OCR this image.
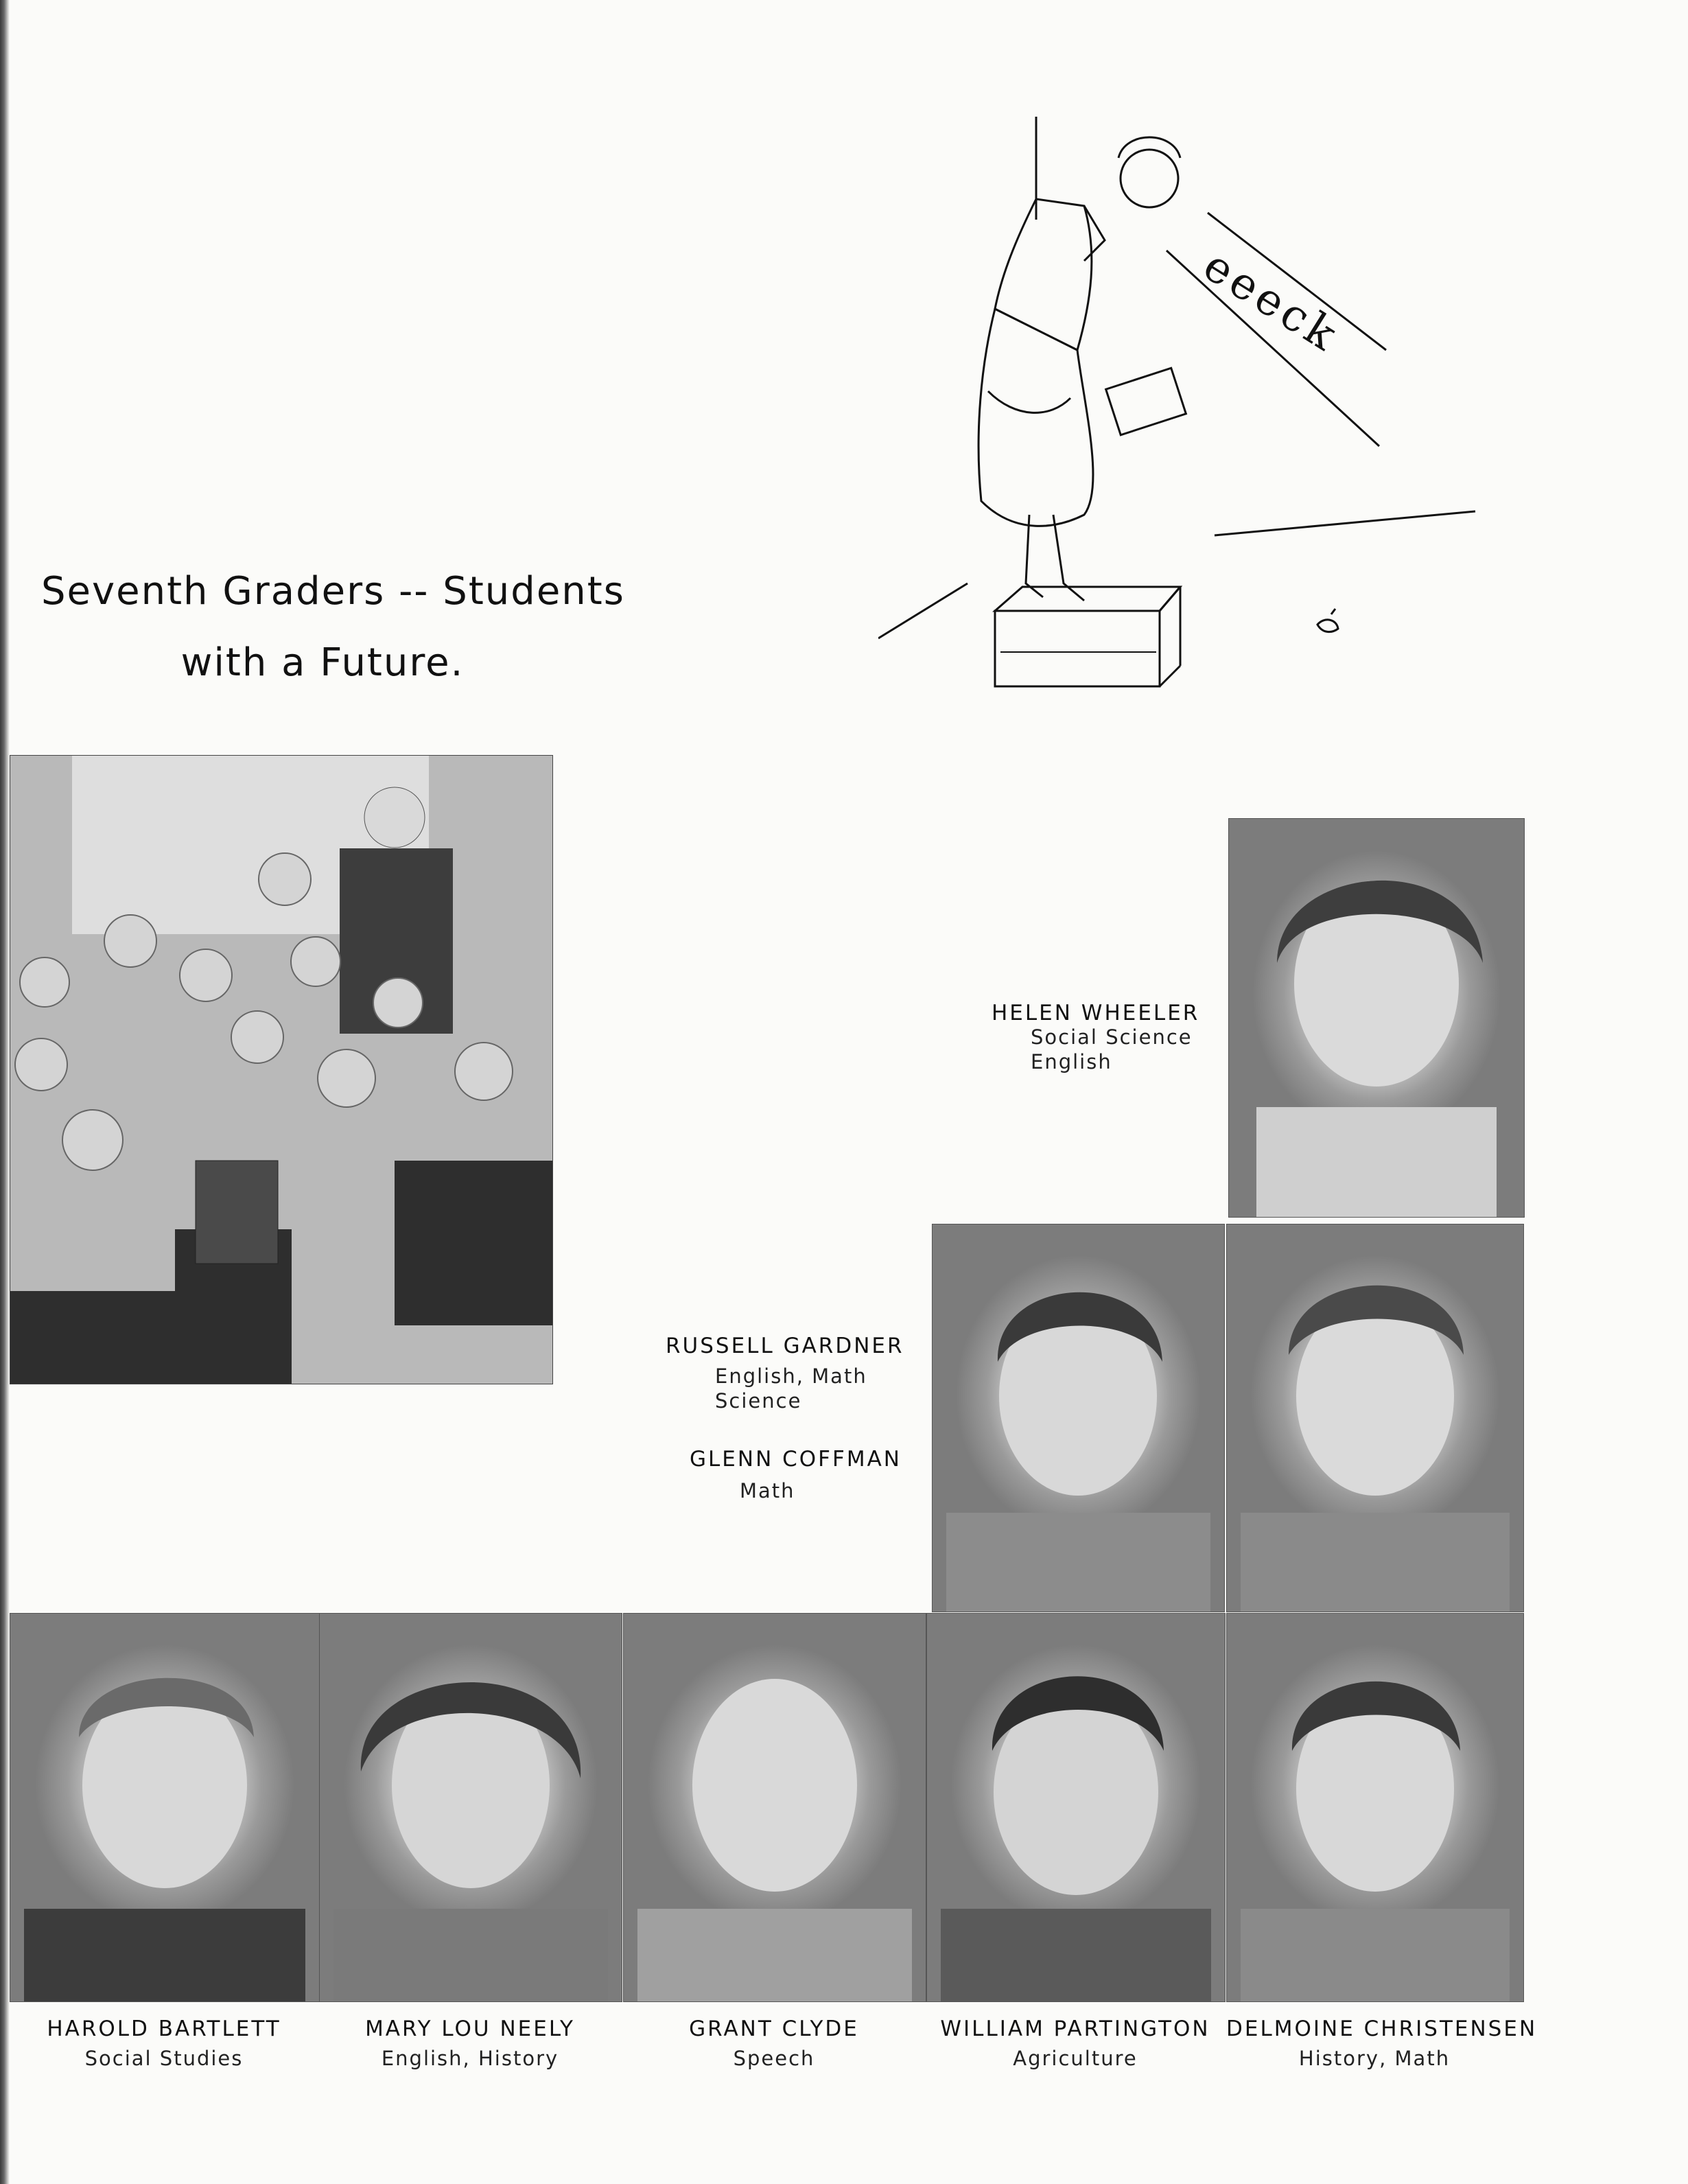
eeeck
Seventh Graders -- Students
with a Future.
HELEN WHEELER
Social Science
English
RUSSELL GARDNER
English, Math
Science
GLENN COFFMAN
Math
HAROLD BARTLETT
Social Studies
MARY LOU NEELY
English, History
GRANT CLYDE
Speech
WILLIAM PARTINGTON
Agriculture
DELMOINE CHRISTENSEN
History, Math
